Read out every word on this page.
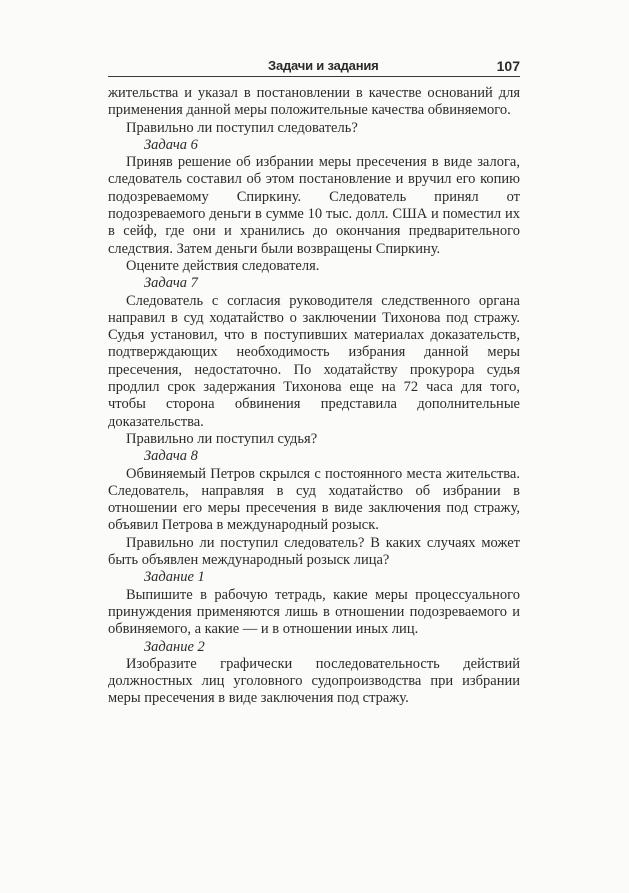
Задачи и задания	107

жительства и указал в постановлении в качестве оснований для применения данной меры положительные качества обвиняемого.

Правильно ли поступил следователь?

Задача 6

Приняв решение об избрании меры пресечения в виде залога, следователь составил об этом постановление и вручил его копию подозреваемому Спиркину. Следователь принял от подозреваемого деньги в сумме 10 тыс. долл. США и поместил их в сейф, где они и хранились до окончания предварительного следствия. Затем деньги были возвращены Спиркину.

Оцените действия следователя.

Задача 7

Следователь с согласия руководителя следственного органа направил в суд ходатайство о заключении Тихонова под стражу. Судья установил, что в поступивших материалах доказательств, подтверждающих необходимость избрания данной меры пресечения, недостаточно. По ходатайству прокурора судья продлил срок задержания Тихонова еще на 72 часа для того, чтобы сторона обвинения представила дополнительные доказательства.

Правильно ли поступил судья?

Задача 8

Обвиняемый Петров скрылся с постоянного места жительства. Следователь, направляя в суд ходатайство об избрании в отношении его меры пресечения в виде заключения под стражу, объявил Петрова в международный розыск.

Правильно ли поступил следователь? В каких случаях может быть объявлен международный розыск лица?

Задание 1

Выпишите в рабочую тетрадь, какие меры процессуального принуждения применяются лишь в отношении подозреваемого и обвиняемого, а какие — и в отношении иных лиц.

Задание 2

Изобразите графически последовательность действий должностных лиц уголовного судопроизводства при избрании меры пресечения в виде заключения под стражу.
